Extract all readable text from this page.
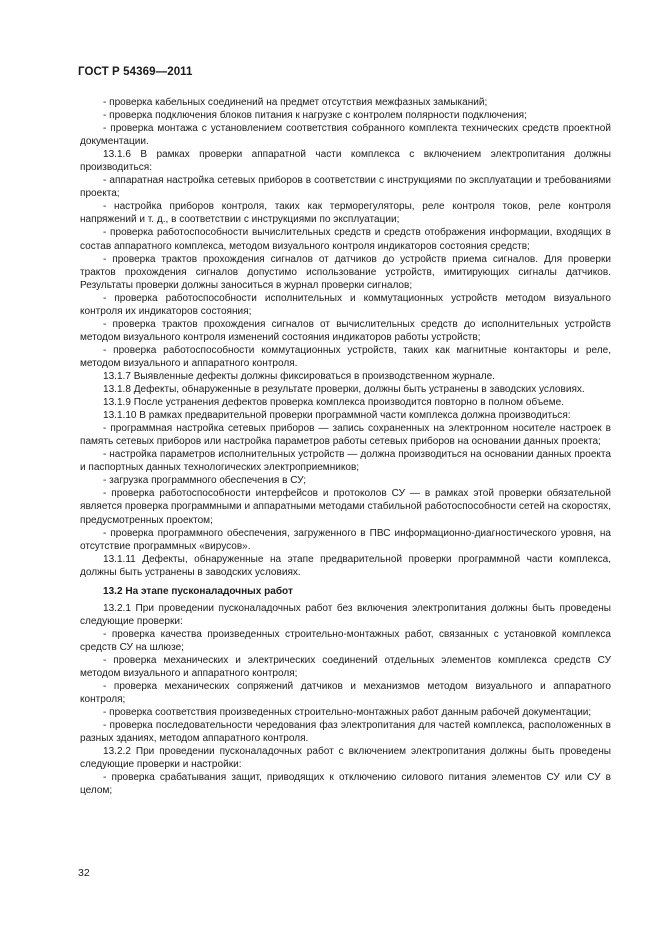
ГОСТ Р 54369—2011

- проверка кабельных соединений на предмет отсутствия межфазных замыканий;

- проверка подключения блоков питания к нагрузке с контролем полярности подключения;

- проверка монтажа с установлением соответствия собранного комплекта технических средств проектной документации.

13.1.6 В рамках проверки аппаратной части комплекса с включением электропитания должны производиться:

- аппаратная настройка сетевых приборов в соответствии с инструкциями по эксплуатации и требованиями проекта;

- настройка приборов контроля, таких как терморегуляторы, реле контроля токов, реле контроля напряжений и т. д., в соответствии с инструкциями по эксплуатации;

- проверка работоспособности вычислительных средств и средств отображения информации, входящих в состав аппаратного комплекса, методом визуального контроля индикаторов состояния средств;

- проверка трактов прохождения сигналов от датчиков до устройств приема сигналов. Для проверки трактов прохождения сигналов допустимо использование устройств, имитирующих сигналы датчиков. Результаты проверки должны заноситься в журнал проверки сигналов;

- проверка работоспособности исполнительных и коммутационных устройств методом визуального контроля их индикаторов состояния;

- проверка трактов прохождения сигналов от вычислительных средств до исполнительных устройств методом визуального контроля изменений состояния индикаторов работы устройств;

- проверка работоспособности коммутационных устройств, таких как магнитные контакторы и реле, методом визуального и аппаратного контроля.

13.1.7 Выявленные дефекты должны фиксироваться в производственном журнале.

13.1.8 Дефекты, обнаруженные в результате проверки, должны быть устранены в заводских условиях.

13.1.9 После устранения дефектов проверка комплекса производится повторно в полном объеме.

13.1.10 В рамках предварительной проверки программной части комплекса должна производиться:

- программная настройка сетевых приборов — запись сохраненных на электронном носителе настроек в память сетевых приборов или настройка параметров работы сетевых приборов на основании данных проекта;

- настройка параметров исполнительных устройств — должна производиться на основании данных проекта и паспортных данных технологических электроприемников;

- загрузка программного обеспечения в СУ;

- проверка работоспособности интерфейсов и протоколов СУ — в рамках этой проверки обязательной является проверка программными и аппаратными методами стабильной работоспособности сетей на скоростях, предусмотренных проектом;

- проверка программного обеспечения, загруженного в ПВС информационно-диагностического уровня, на отсутствие программных «вирусов».

13.1.11 Дефекты, обнаруженные на этапе предварительной проверки программной части комплекса, должны быть устранены в заводских условиях.

13.2 На этапе пусконаладочных работ

13.2.1 При проведении пусконаладочных работ без включения электропитания должны быть проведены следующие проверки:

- проверка качества произведенных строительно-монтажных работ, связанных с установкой комплекса средств СУ на шлюзе;

- проверка механических и электрических соединений отдельных элементов комплекса средств СУ методом визуального и аппаратного контроля;

- проверка механических сопряжений датчиков и механизмов методом визуального и аппаратного контроля;

- проверка соответствия произведенных строительно-монтажных работ данным рабочей документации;

- проверка последовательности чередования фаз электропитания для частей комплекса, расположенных в разных зданиях, методом аппаратного контроля.

13.2.2 При проведении пусконаладочных работ с включением электропитания должны быть проведены следующие проверки и настройки:

- проверка срабатывания защит, приводящих к отключению силового питания элементов СУ или СУ в целом;

32
